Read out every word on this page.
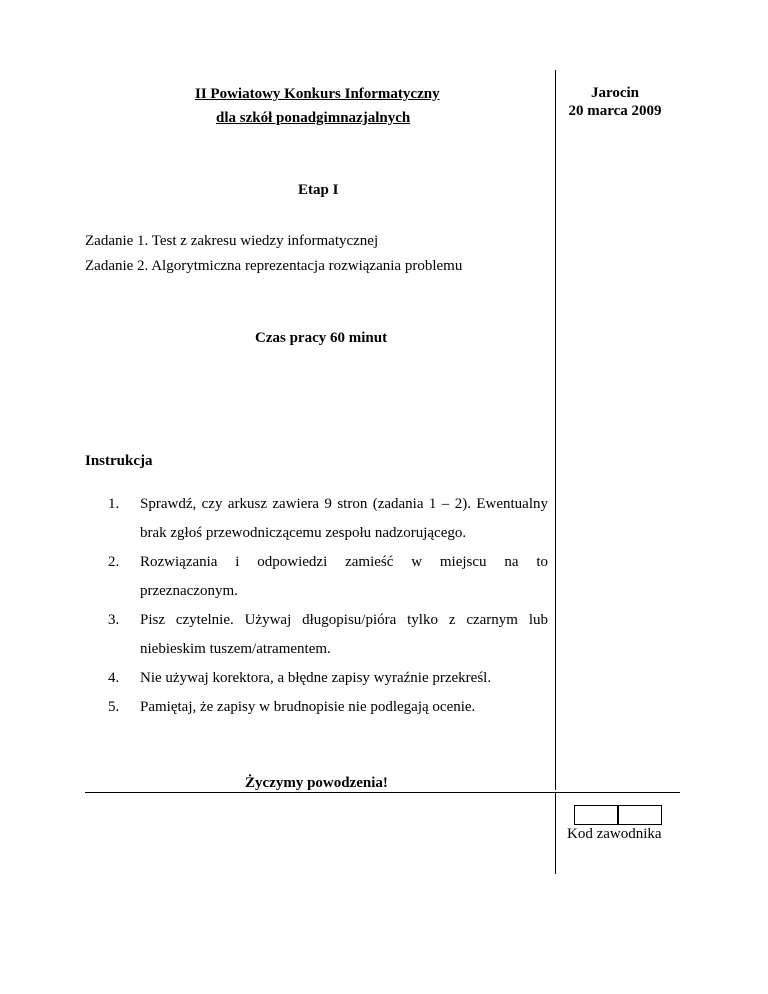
II Powiatowy Konkurs Informatyczny
dla szkół ponadgimnazjalnych
Jarocin
20 marca 2009
Etap I
Zadanie 1. Test z zakresu wiedzy informatycznej
Zadanie 2. Algorytmiczna reprezentacja rozwiązania problemu
Czas pracy 60 minut
Instrukcja
1. Sprawdź, czy arkusz zawiera 9 stron (zadania 1 – 2). Ewentualny brak zgłoś przewodniczącemu zespołu nadzorującego.
2. Rozwiązania i odpowiedzi zamieść w miejscu na to przeznaczonym.
3. Pisz czytelnie. Używaj długopisu/pióra tylko z czarnym lub niebieskim tuszem/atramentem.
4. Nie używaj korektora, a błędne zapisy wyraźnie przekreśl.
5. Pamiętaj, że zapisy w brudnopisie nie podlegają ocenie.
Życzymy powodzenia!
Kod zawodnika
